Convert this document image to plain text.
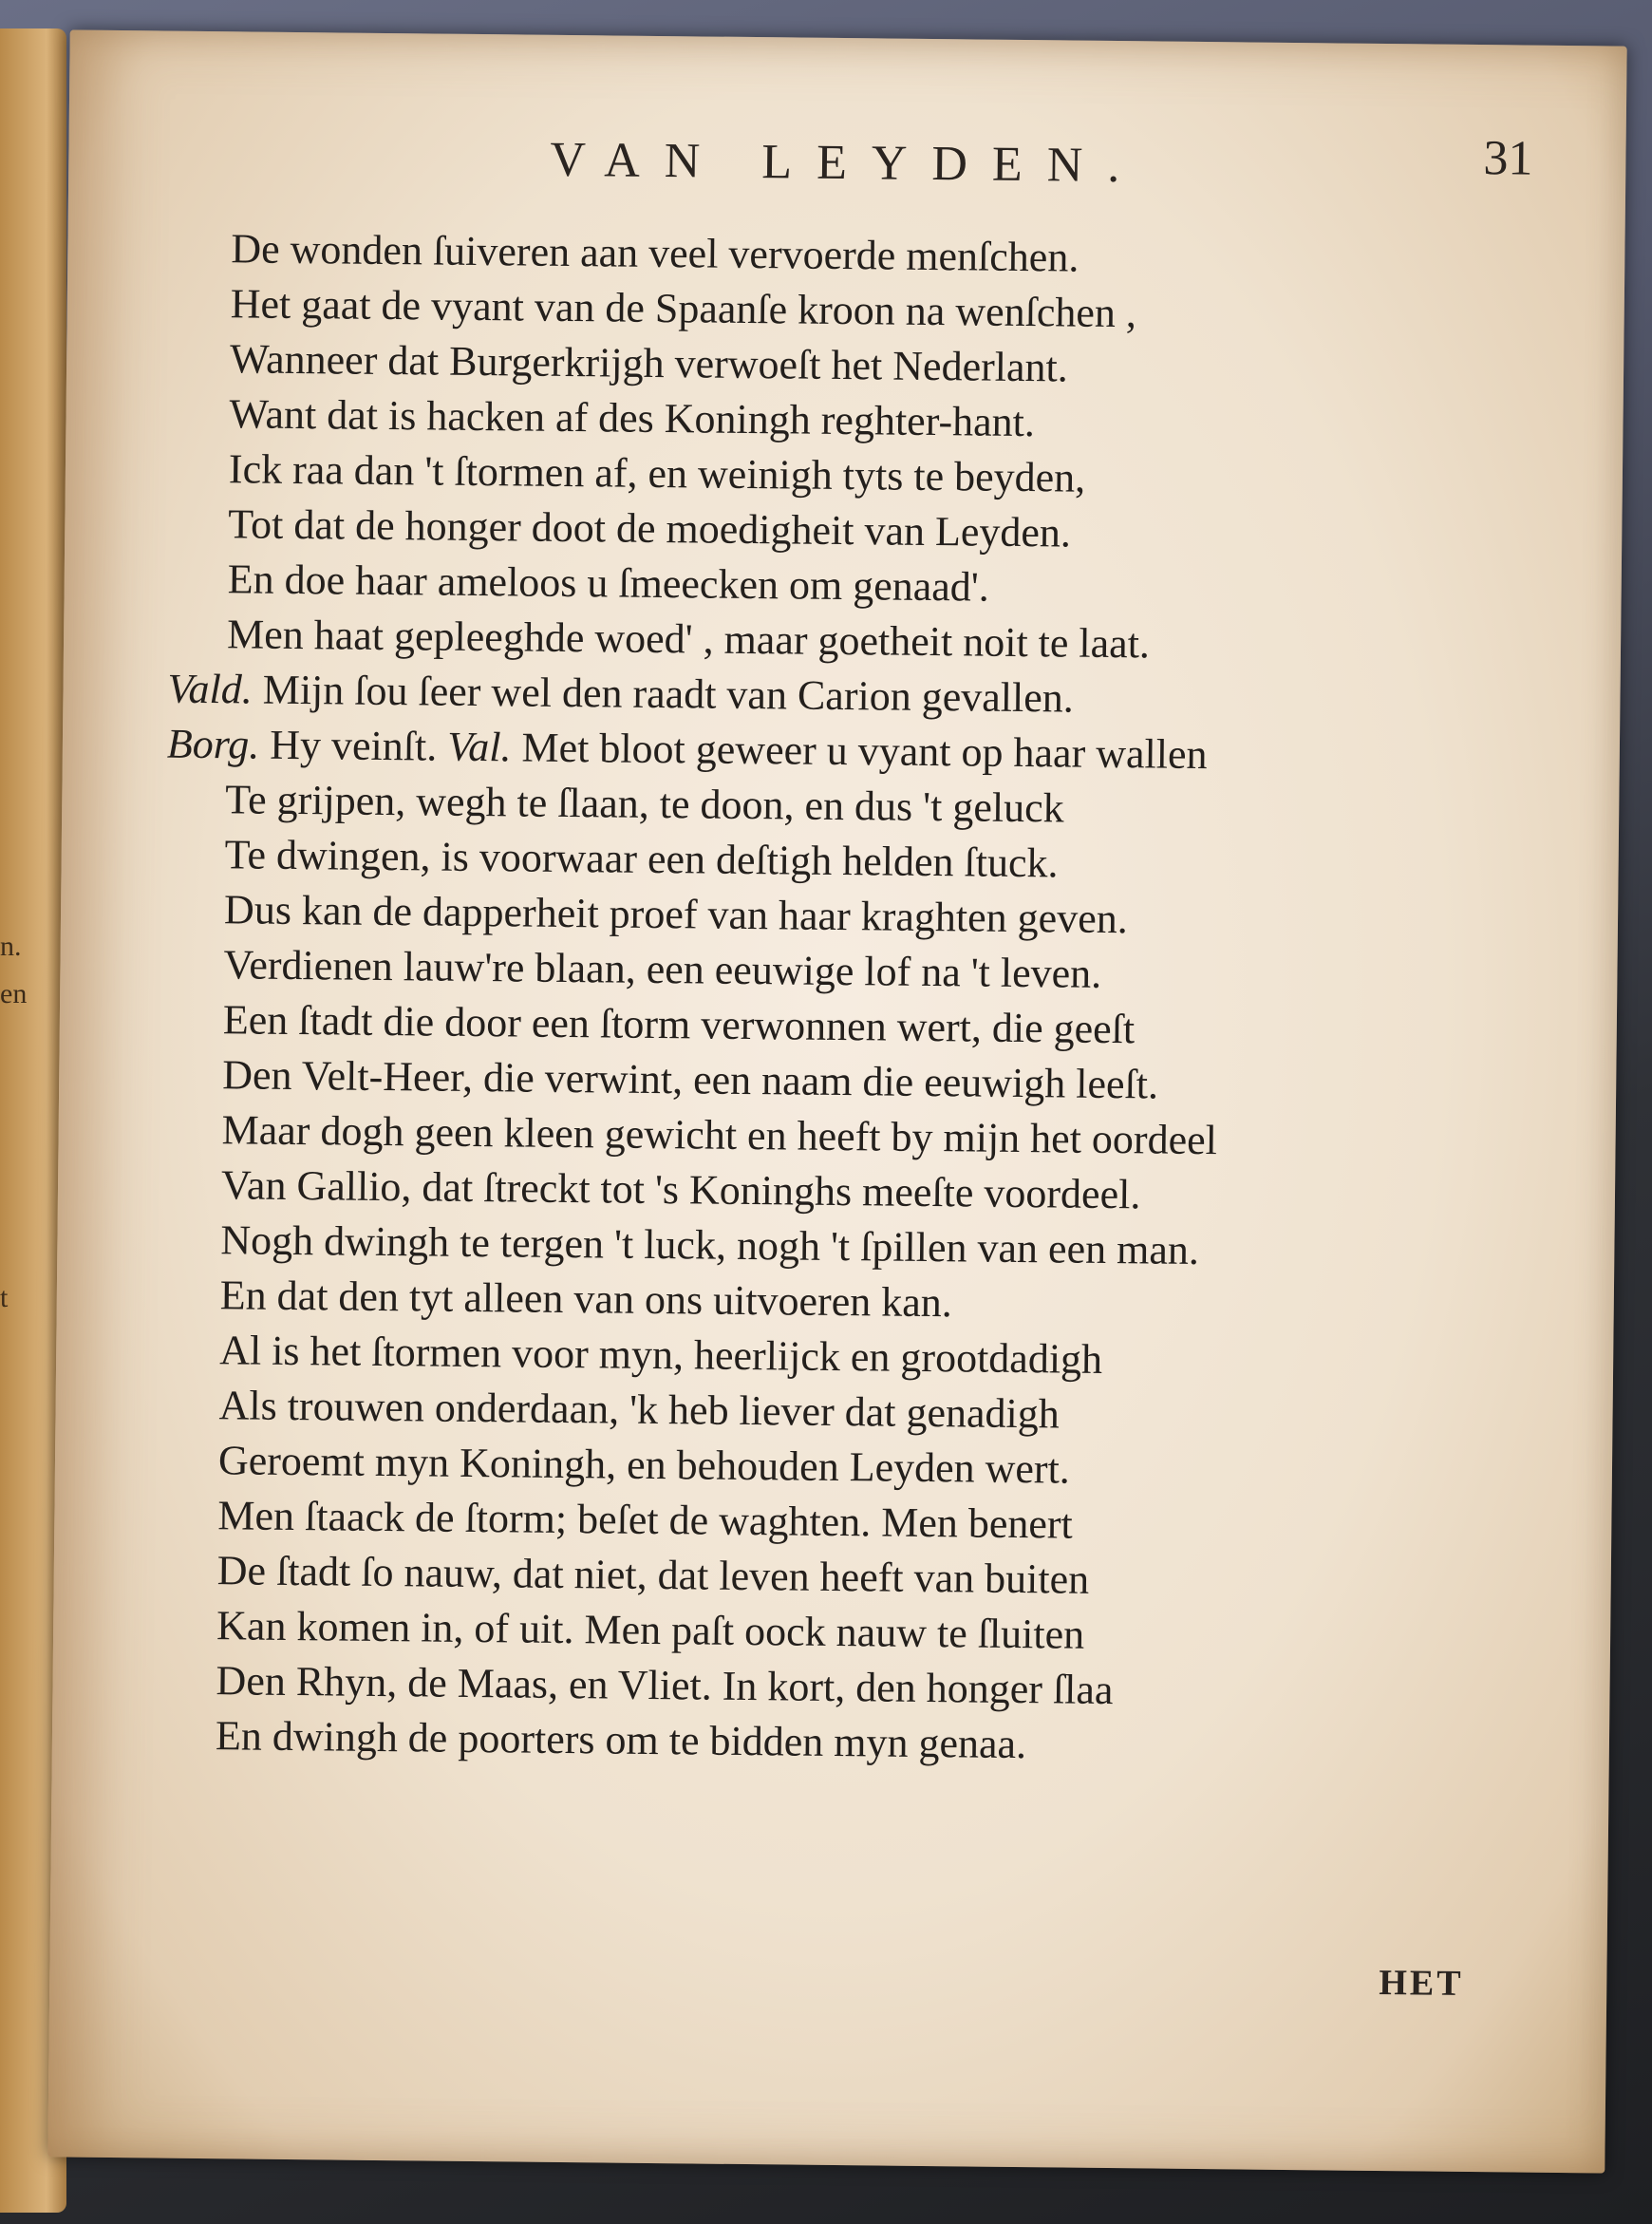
n.
en
t
VAN LEYDEN.	31
De wonden ſuiveren aan veel vervoerde menſchen.
Het gaat de vyant van de Spaanſe kroon na wenſchen ,
Wanneer dat Burgerkrijgh verwoeſt het Nederlant.
Want dat is hacken af des Koningh reghter-hant.
Ick raa dan 't ſtormen af, en weinigh tyts te beyden,
Tot dat de honger doot de moedigheit van Leyden.
En doe haar ameloos u ſmeecken om genaad'.
Men haat gepleeghde woed' , maar goetheit noit te laat.
Vald. Mijn ſou ſeer wel den raadt van Carion gevallen.
Borg. Hy veinſt. Val. Met bloot geweer u vyant op haar wallen
Te grijpen, wegh te ſlaan, te doon, en dus 't geluck
Te dwingen, is voorwaar een deſtigh helden ſtuck.
Dus kan de dapperheit proef van haar kraghten geven.
Verdienen lauw're blaan, een eeuwige lof na 't leven.
Een ſtadt die door een ſtorm verwonnen wert, die geeſt
Den Velt-Heer, die verwint, een naam die eeuwigh leeſt.
Maar dogh geen kleen gewicht en heeft by mijn het oordeel
Van Gallio, dat ſtreckt tot 's Koninghs meeſte voordeel.
Nogh dwingh te tergen 't luck, nogh 't ſpillen van een man.
En dat den tyt alleen van ons uitvoeren kan.
Al is het ſtormen voor myn, heerlijck en grootdadigh
Als trouwen onderdaan, 'k heb liever dat genadigh
Geroemt myn Koningh, en behouden Leyden wert.
Men ſtaack de ſtorm; beſet de waghten. Men benert
De ſtadt ſo nauw, dat niet, dat leven heeft van buiten
Kan komen in, of uit. Men paſt oock nauw te ſluiten
Den Rhyn, de Maas, en Vliet. In kort, den honger ſlaa
En dwingh de poorters om te bidden myn genaa.
HET
